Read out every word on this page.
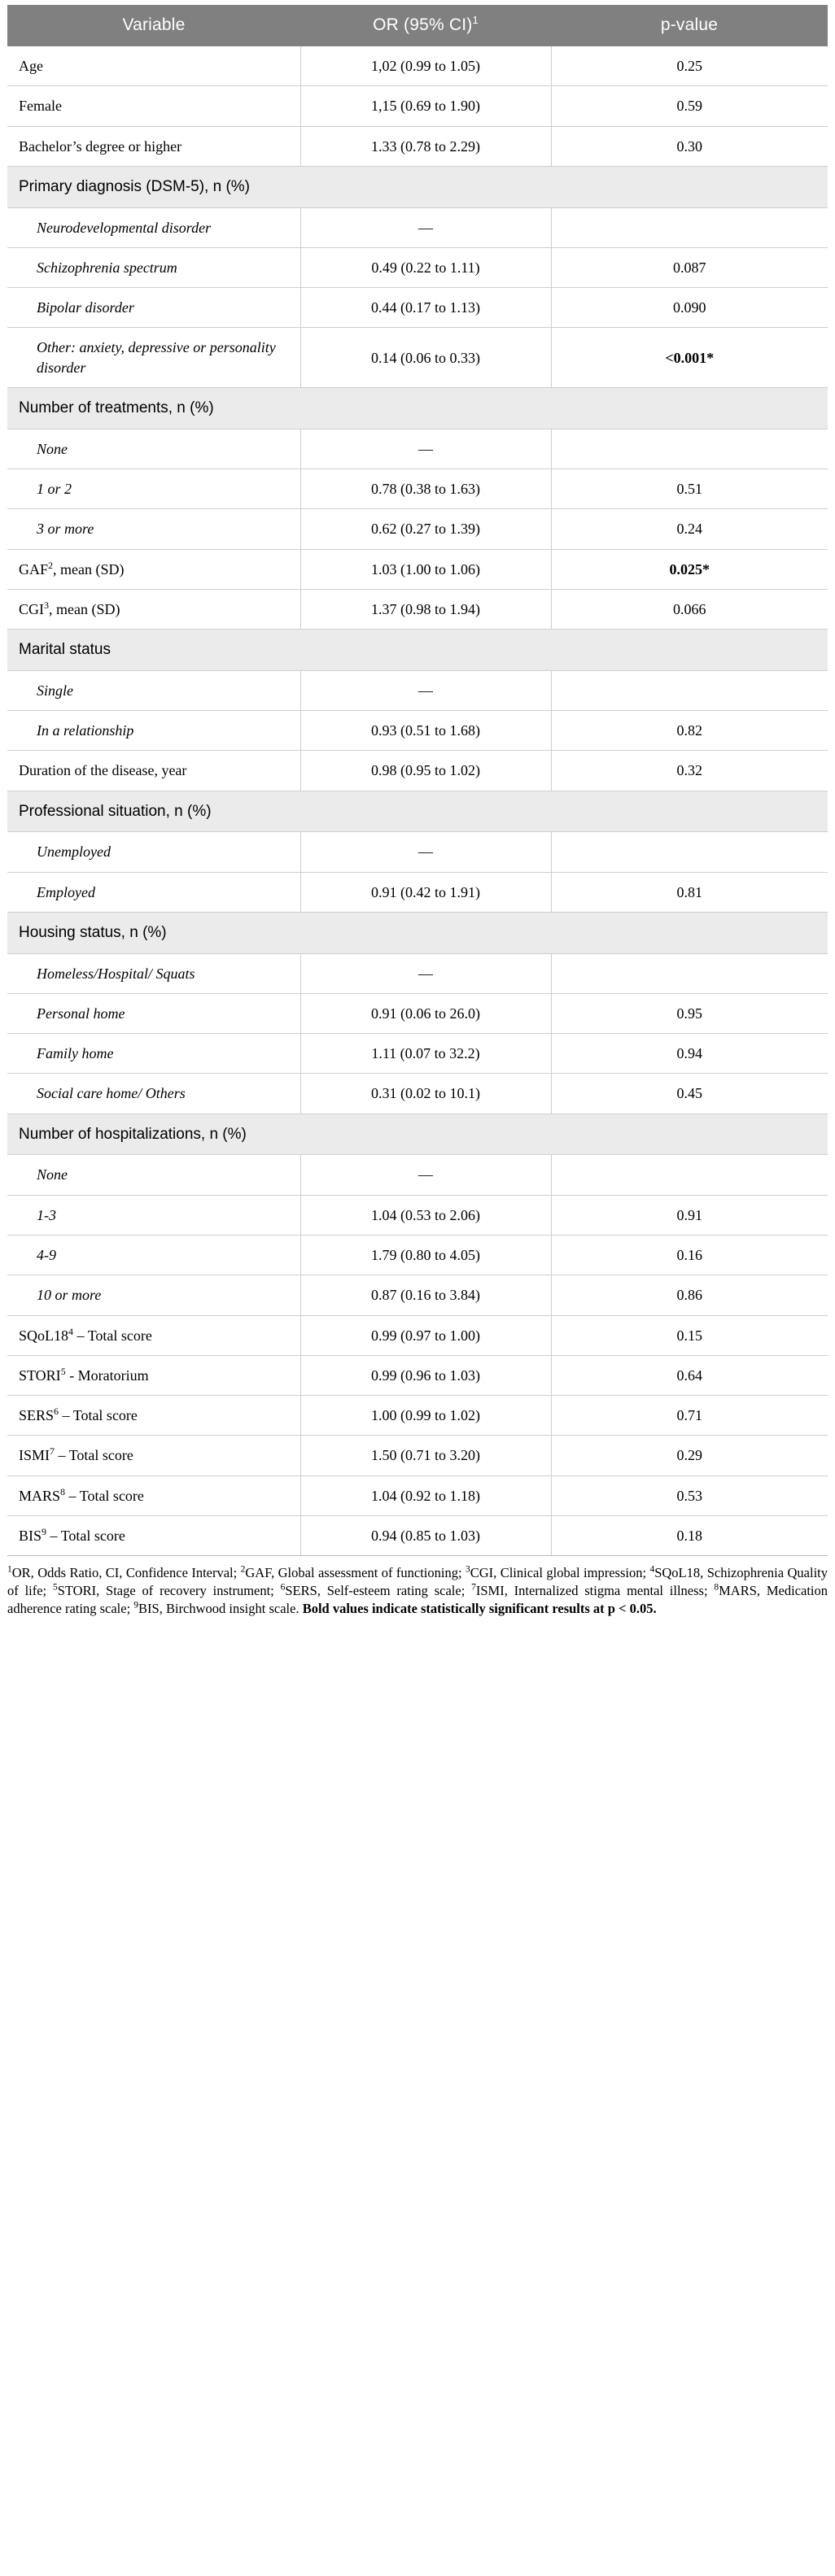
Variable	OR (95% CI)$^1$	p-value
Age	1,02 (0.99 to 1.05)	0.25
Female	1,15 (0.69 to 1.90)	0.59
Bachelor’s degree or higher	1.33 (0.78 to 2.29)	0.30
Primary diagnosis (DSM-5), n (%)		
Neurodevelopmental disorder	—	
Schizophrenia spectrum	0.49 (0.22 to 1.11)	0.087
Bipolar disorder	0.44 (0.17 to 1.13)	0.090
Other: anxiety, depressive or personality disorder	0.14 (0.06 to 0.33)	<0.001*
Number of treatments, n (%)		
None	—	
1 or 2	0.78 (0.38 to 1.63)	0.51
3 or more	0.62 (0.27 to 1.39)	0.24
GAF$^2$, mean (SD)	1.03 (1.00 to 1.06)	0.025*
CGI$^3$, mean (SD)	1.37 (0.98 to 1.94)	0.066
Marital status		
Single	—	
In a relationship	0.93 (0.51 to 1.68)	0.82
Duration of the disease, year	0.98 (0.95 to 1.02)	0.32
Professional situation, n (%)		
Unemployed	—	
Employed	0.91 (0.42 to 1.91)	0.81
Housing status, n (%)		
Homeless/Hospital/ Squats	—	
Personal home	0.91 (0.06 to 26.0)	0.95
Family home	1.11 (0.07 to 32.2)	0.94
Social care home/ Others	0.31 (0.02 to 10.1)	0.45
Number of hospitalizations, n (%)		
None	—	
1-3	1.04 (0.53 to 2.06)	0.91
4-9	1.79 (0.80 to 4.05)	0.16
10 or more	0.87 (0.16 to 3.84)	0.86
$SQoL18^4$ – Total score	0.99 (0.97 to 1.00)	0.15
STORI$^5$ - Moratorium	0.99 (0.96 to 1.03)	0.64
SERS$^6$ – Total score	1.00 (0.99 to 1.02)	0.71
ISMI$^7$ – Total score	1.50 (0.71 to 3.20)	0.29
MARS$^8$ – Total score	1.04 (0.92 to 1.18)	0.53
BIS$^9$ – Total score	0.94 (0.85 to 1.03)	0.18
$^1$OR, Odds Ratio, CI, Confidence Interval; $^2$GAF, Global assessment of functioning; $^3$CGI, Clinical global impression; $^4$SQoL18, Schizophrenia Quality of life; $^5$STORI, Stage of recovery instrument; $^6$SERS, Self-esteem rating scale; $^7$ISMI, Internalized stigma mental illness; $^8$MARS, Medication adherence rating scale; $^9$BIS, Birchwood insight scale. Bold values indicate statistically significant results at p < 0.05.
